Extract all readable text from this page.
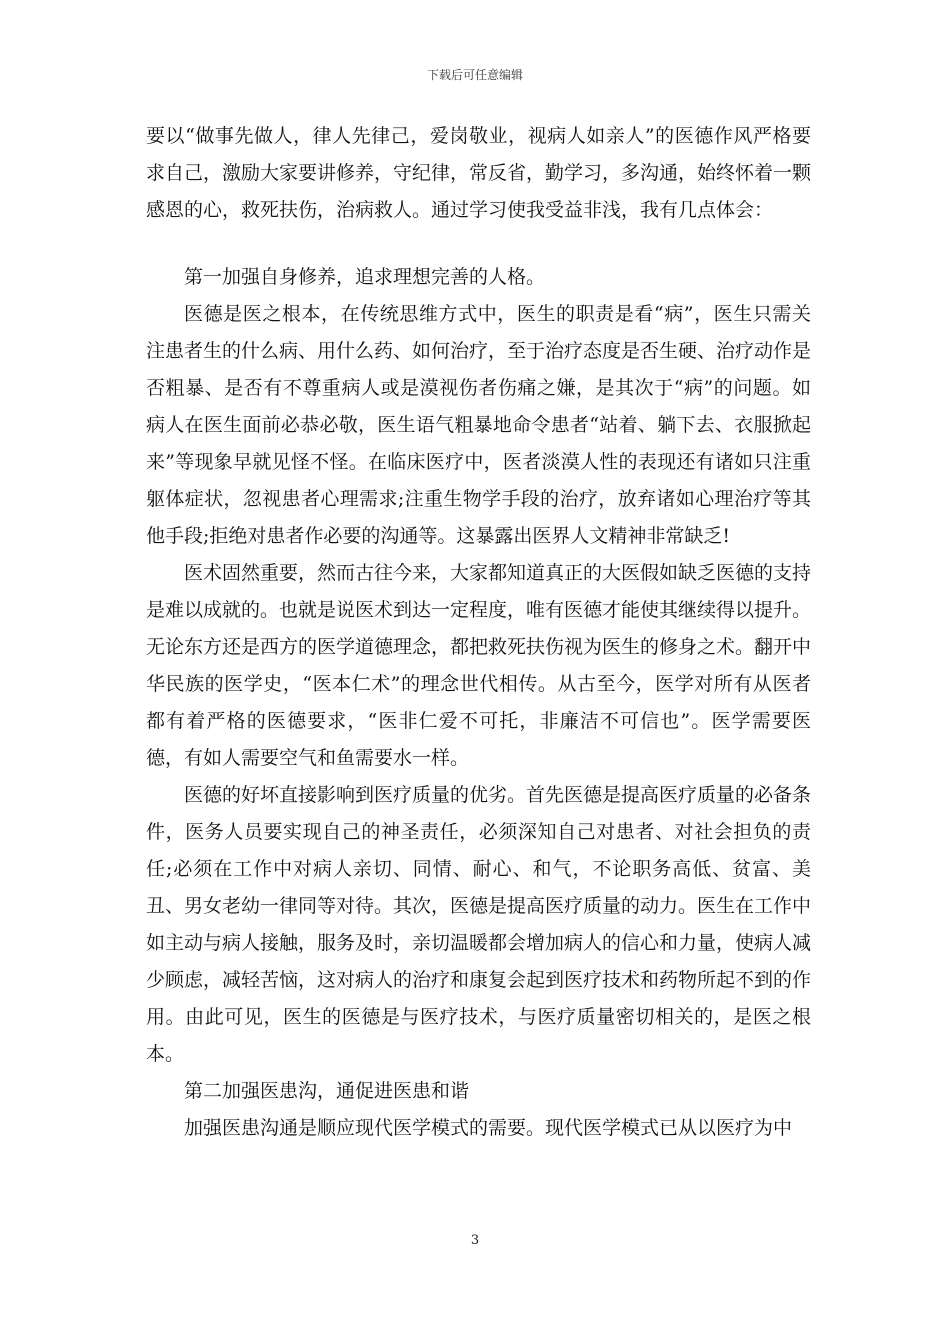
下载后可任意编辑

要以“做事先做人，律人先律己，爱岗敬业，视病人如亲人”的医德作风严格要求自己，激励大家要讲修养，守纪律，常反省，勤学习，多沟通，始终怀着一颗感恩的心，救死扶伤，治病救人。通过学习使我受益非浅，我有几点体会：

第一加强自身修养，追求理想完善的人格。

医德是医之根本，在传统思维方式中，医生的职责是看“病”，医生只需关注患者生的什么病、用什么药、如何治疗，至于治疗态度是否生硬、治疗动作是否粗暴、是否有不尊重病人或是漠视伤者伤痛之嫌，是其次于“病”的问题。如病人在医生面前必恭必敬，医生语气粗暴地命令患者“站着、躺下去、衣服掀起来”等现象早就见怪不怪。在临床医疗中，医者淡漠人性的表现还有诸如只注重躯体症状，忽视患者心理需求;注重生物学手段的治疗，放弃诸如心理治疗等其他手段;拒绝对患者作必要的沟通等。这暴露出医界人文精神非常缺乏!

医术固然重要，然而古往今来，大家都知道真正的大医假如缺乏医德的支持是难以成就的。也就是说医术到达一定程度，唯有医德才能使其继续得以提升。无论东方还是西方的医学道德理念，都把救死扶伤视为医生的修身之术。翻开中华民族的医学史，“医本仁术”的理念世代相传。从古至今，医学对所有从医者都有着严格的医德要求，“医非仁爱不可托，非廉洁不可信也”。医学需要医德，有如人需要空气和鱼需要水一样。

医德的好坏直接影响到医疗质量的优劣。首先医德是提高医疗质量的必备条件，医务人员要实现自己的神圣责任，必须深知自己对患者、对社会担负的责任;必须在工作中对病人亲切、同情、耐心、和气，不论职务高低、贫富、美丑、男女老幼一律同等对待。其次，医德是提高医疗质量的动力。医生在工作中如主动与病人接触，服务及时，亲切温暖都会增加病人的信心和力量，使病人减少顾虑，减轻苦恼，这对病人的治疗和康复会起到医疗技术和药物所起不到的作用。由此可见，医生的医德是与医疗技术，与医疗质量密切相关的，是医之根本。

第二加强医患沟，通促进医患和谐

加强医患沟通是顺应现代医学模式的需要。现代医学模式已从以医疗为中

3
